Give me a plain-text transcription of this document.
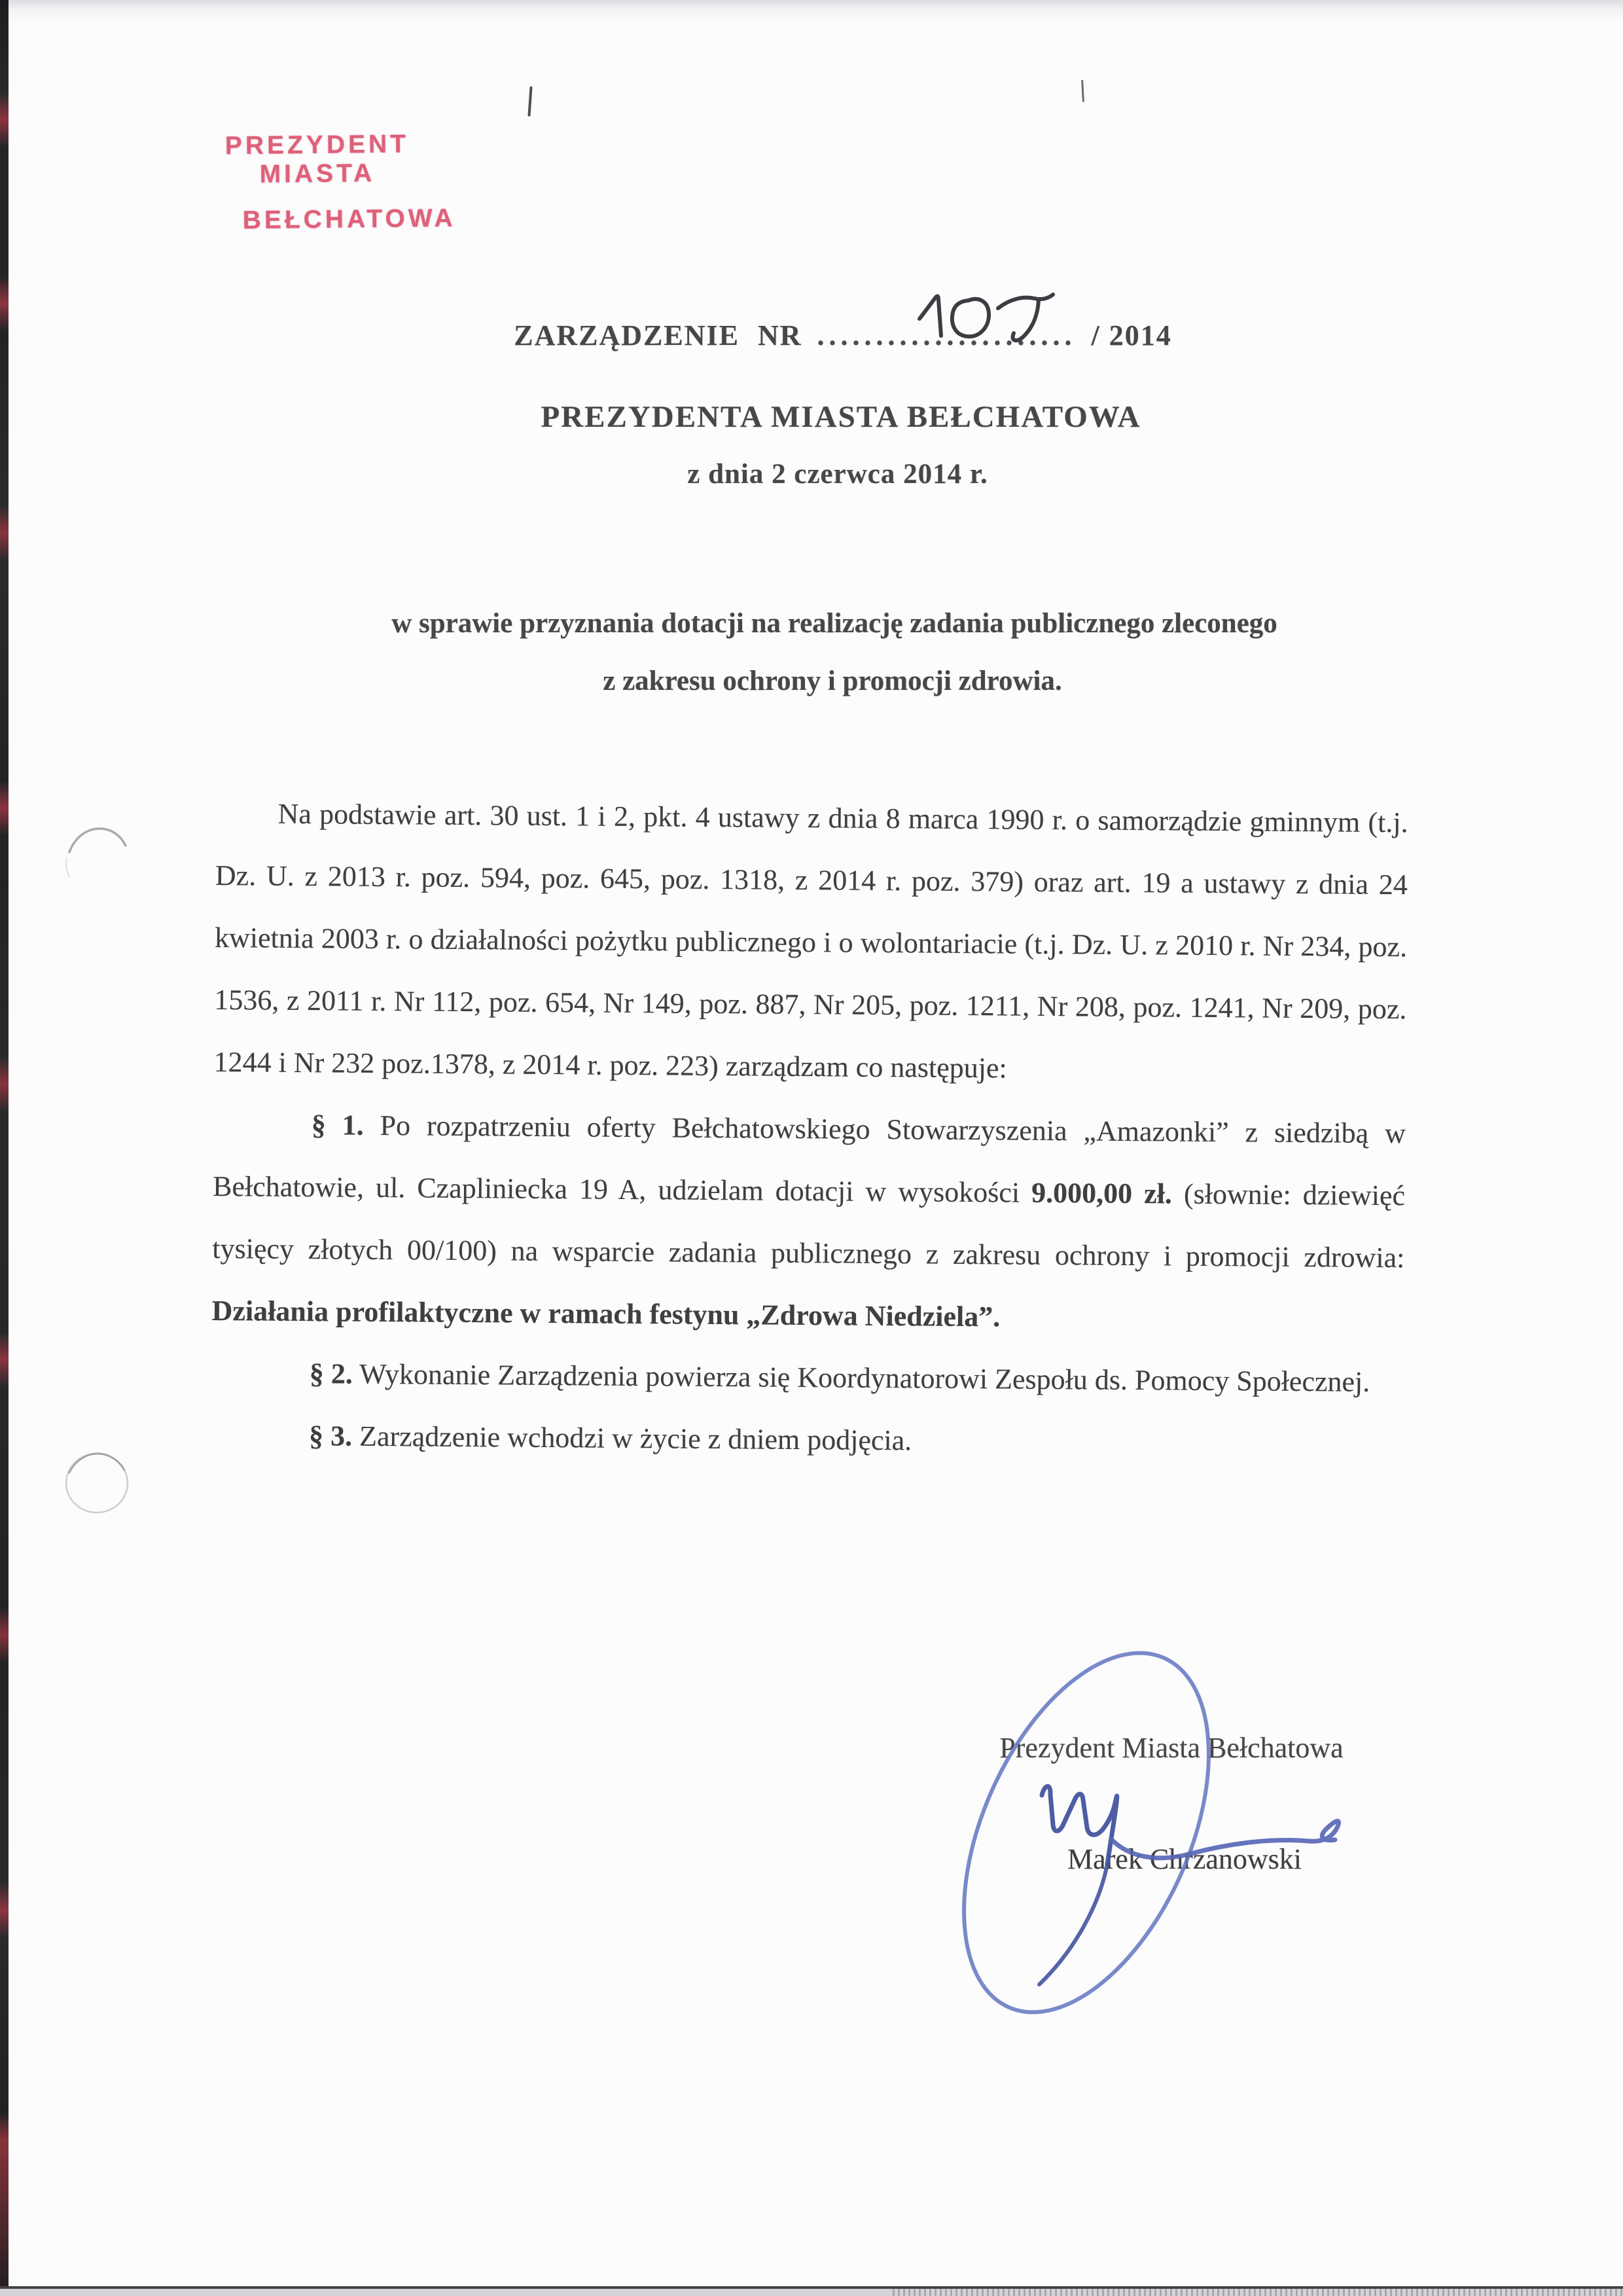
PREZYDENT MIASTA
BEŁCHATOWA
ZARZĄDZENIE NR ...................... / 2014
PREZYDENTA MIASTA BEŁCHATOWA
z dnia 2 czerwca 2014 r.
w sprawie przyznania dotacji na realizację zadania publicznego zleconego
z zakresu ochrony i promocji zdrowia.

Na podstawie art. 30 ust. 1 i 2, pkt. 4 ustawy z dnia 8 marca 1990 r. o samorządzie gminnym (t.j. Dz. U. z 2013 r. poz. 594, poz. 645, poz. 1318, z 2014 r. poz. 379) oraz art. 19 a ustawy z dnia 24 kwietnia 2003 r. o działalności pożytku publicznego i o wolontariacie (t.j. Dz. U. z 2010 r. Nr 234, poz. 1536, z 2011 r. Nr 112, poz. 654, Nr 149, poz. 887, Nr 205, poz. 1211, Nr 208, poz. 1241, Nr 209, poz. 1244 i Nr 232 poz.1378, z 2014 r. poz. 223) zarządzam co następuje:

§ 1. Po rozpatrzeniu oferty Bełchatowskiego Stowarzyszenia „Amazonki” z siedzibą w Bełchatowie, ul. Czapliniecka 19 A, udzielam dotacji w wysokości 9.000,00 zł. (słownie: dziewięć tysięcy złotych 00/100) na wsparcie zadania publicznego z zakresu ochrony i promocji zdrowia: Działania profilaktyczne w ramach festynu „Zdrowa Niedziela”.

§ 2. Wykonanie Zarządzenia powierza się Koordynatorowi Zespołu ds. Pomocy Społecznej.

§ 3. Zarządzenie wchodzi w życie z dniem podjęcia.

Prezydent Miasta Bełchatowa
Marek Chrzanowski
